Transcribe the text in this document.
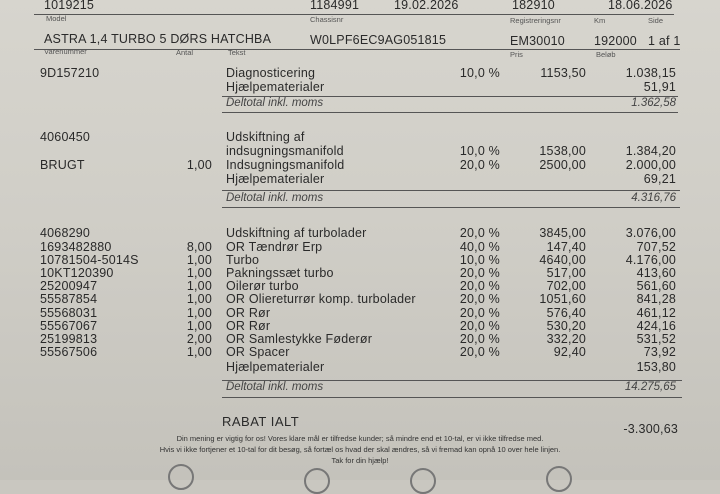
1019215	1184991	19.02.2026	182910	18.06.2026
Model	Chassisnr	Registreringsnr	Km	Side
ASTRA 1,4 TURBO 5 DØRS HATCHBA	W0LPF6EC9AG051815	EM30010 192000 1 af 1
Varenummer	Antal	Tekst	Pris	Beløb
9D157210	Diagnosticering	10,0 %	1153,50	1.038,15
Hjælpematerialer	51,91
Deltotal inkl. moms	1.362,58
4060450	Udskiftning af
indsugningsmanifold	10,0 %	1538,00	1.384,20
BRUGT	1,00 Indsugningsmanifold	20,0 %	2500,00	2.000,00
Hjælpematerialer	69,21
Deltotal inkl. moms	4.316,76
4068290	Udskiftning af turbolader	20,0 %	3845,00	3.076,00
1693482880	8,00 OR Tændrør Erp	40,0 %	147,40	707,52
10781504-5014S	1,00 Turbo	10,0 %	4640,00	4.176,00
10KT120390	1,00 Pakningssæt turbo	20,0 %	517,00	413,60
25200947	1,00 Oilerør turbo	20,0 %	702,00	561,60
55587854	1,00 OR Olieretur​rør komp. turbolader	20,0 %	1051,60	841,28
55568031	1,00 OR Rør	20,0 %	576,40	461,12
55567067	1,00 OR Rør	20,0 %	530,20	424,16
25199813	2,00 OR Samlestykke Føderør	20,0 %	332,20	531,52
55567506	1,00 OR Spacer	20,0 %	92,40	73,92
Hjælpematerialer	153,80
Deltotal inkl. moms	14.275,65
RABAT IALT	-3.300,63
Din mening er vigtig for os! Vores klare mål er tilfredse kunder; så mindre end et 10-tal, er vi ikke tilfredse med.
Hvis vi ikke fortjener et 10-tal for dit besøg, så fortæl os hvad der skal ændres, så vi fremad kan opnå 10 over hele linjen.
Tak for din hjælp!
